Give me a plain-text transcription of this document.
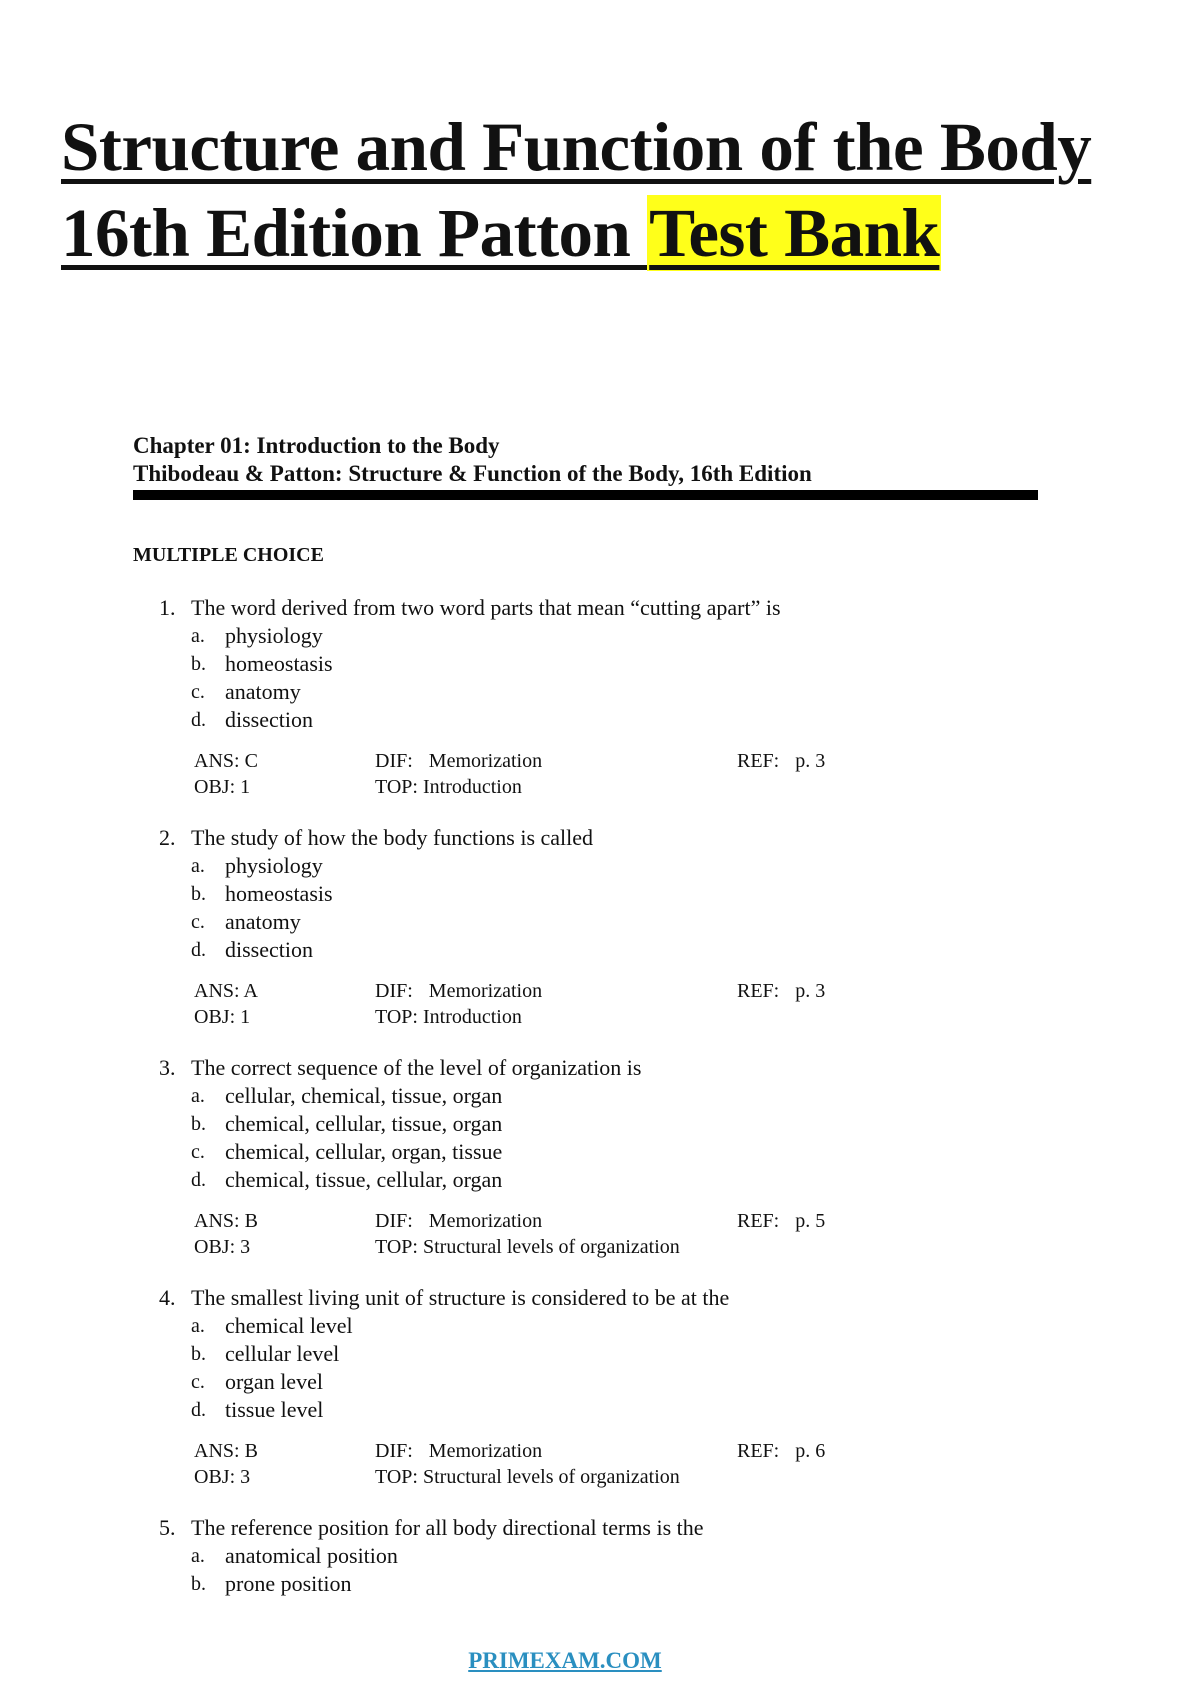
Structure and Function of the Body
16th Edition Patton Test Bank
Chapter 01: Introduction to the Body
Thibodeau & Patton: Structure & Function of the Body, 16th Edition
MULTIPLE CHOICE
1. The word derived from two word parts that mean “cutting apart” is
a. physiology
b. homeostasis
c. anatomy
d. dissection
ANS: C	DIF: Memorization	REF: p. 3
OBJ: 1	TOP: Introduction
2. The study of how the body functions is called
a. physiology
b. homeostasis
c. anatomy
d. dissection
ANS: A	DIF: Memorization	REF: p. 3
OBJ: 1	TOP: Introduction
3. The correct sequence of the level of organization is
a. cellular, chemical, tissue, organ
b. chemical, cellular, tissue, organ
c. chemical, cellular, organ, tissue
d. chemical, tissue, cellular, organ
ANS: B	DIF: Memorization	REF: p. 5
OBJ: 3	TOP: Structural levels of organization
4. The smallest living unit of structure is considered to be at the
a. chemical level
b. cellular level
c. organ level
d. tissue level
ANS: B	DIF: Memorization	REF: p. 6
OBJ: 3	TOP: Structural levels of organization
5. The reference position for all body directional terms is the
a. anatomical position
b. prone position
PRIMEXAM.COM
